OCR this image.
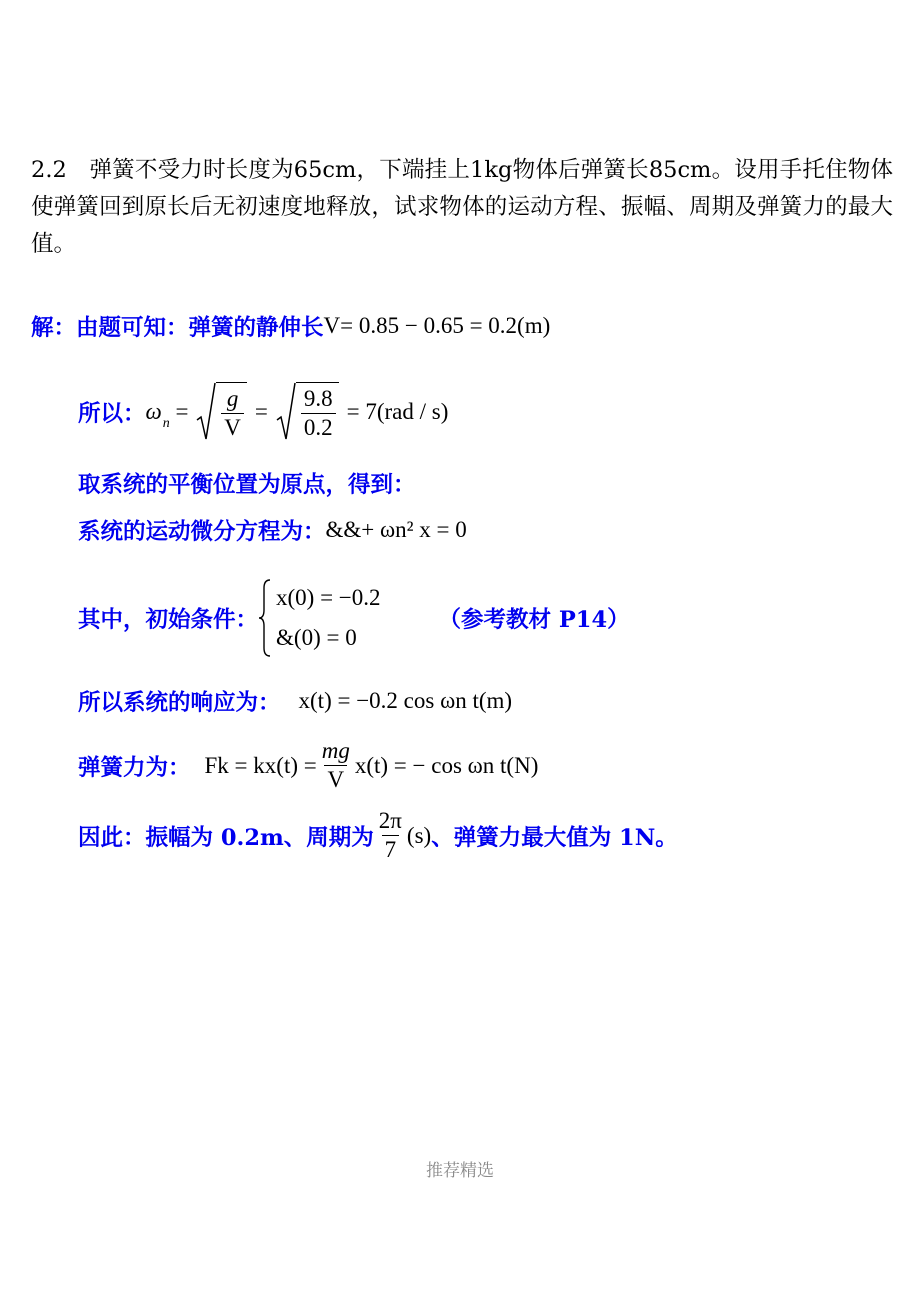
2.2 弹簧不受力时长度为65cm，下端挂上1kg物体后弹簧长85cm。设用手托住物体使弹簧回到原长后无初速度地释放，试求物体的运动方程、振幅、周期及弹簧力的最大值。
解：由题可知：弹簧的静伸长 V= 0.85 − 0.65 = 0.2(m)
所以： $\omega_n = \frac{g}{V} = \frac{9.8}{0.2} = 7(rad / s)$
取系统的平衡位置为原点，得到：
系统的运动微分方程为： &&+ ωn² x = 0
其中，初始条件：
x(0) = −0.2
&(0) = 0
（参考教材 P14）
所以系统的响应为： x(t) = −0.2 cos ωn t(m)
弹簧力为： $Fk = kx(t) = \frac{mg}{V} x(t)$ = − cos ωn t(N)
因此：振幅为 0.2m、周期为 $\frac{2\pi}{7} (s)$ 、弹簧力最大值为 1N。
推荐精选
